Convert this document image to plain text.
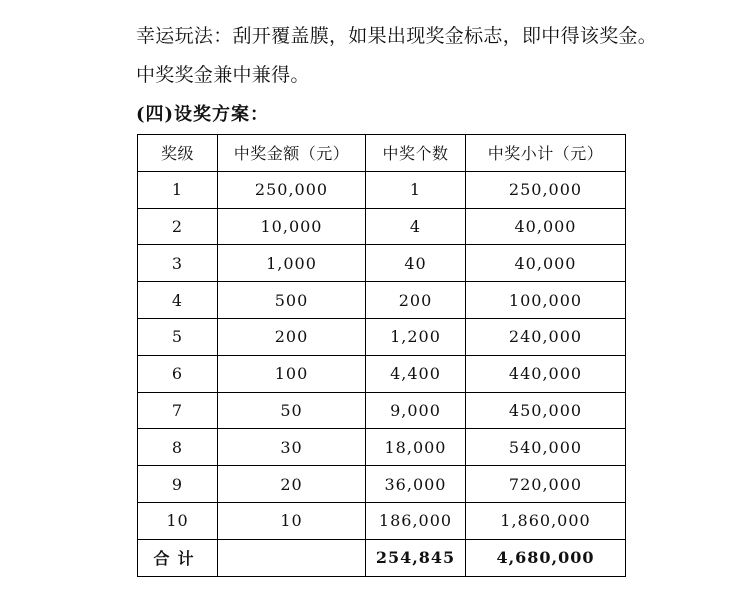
幸运玩法：刮开覆盖膜，如果出现奖金标志，即中得该奖金。
中奖奖金兼中兼得。
(四)设奖方案：
奖级	中奖金额（元）	中奖个数	中奖小计（元）
1	250,000	1	250,000
2	10,000	4	40,000
3	1,000	40	40,000
4	500	200	100,000
5	200	1,200	240,000
6	100	4,400	440,000
7	50	9,000	450,000
8	30	18,000	540,000
9	20	36,000	720,000
10	10	186,000	1,860,000
合计		254,845	4,680,000
